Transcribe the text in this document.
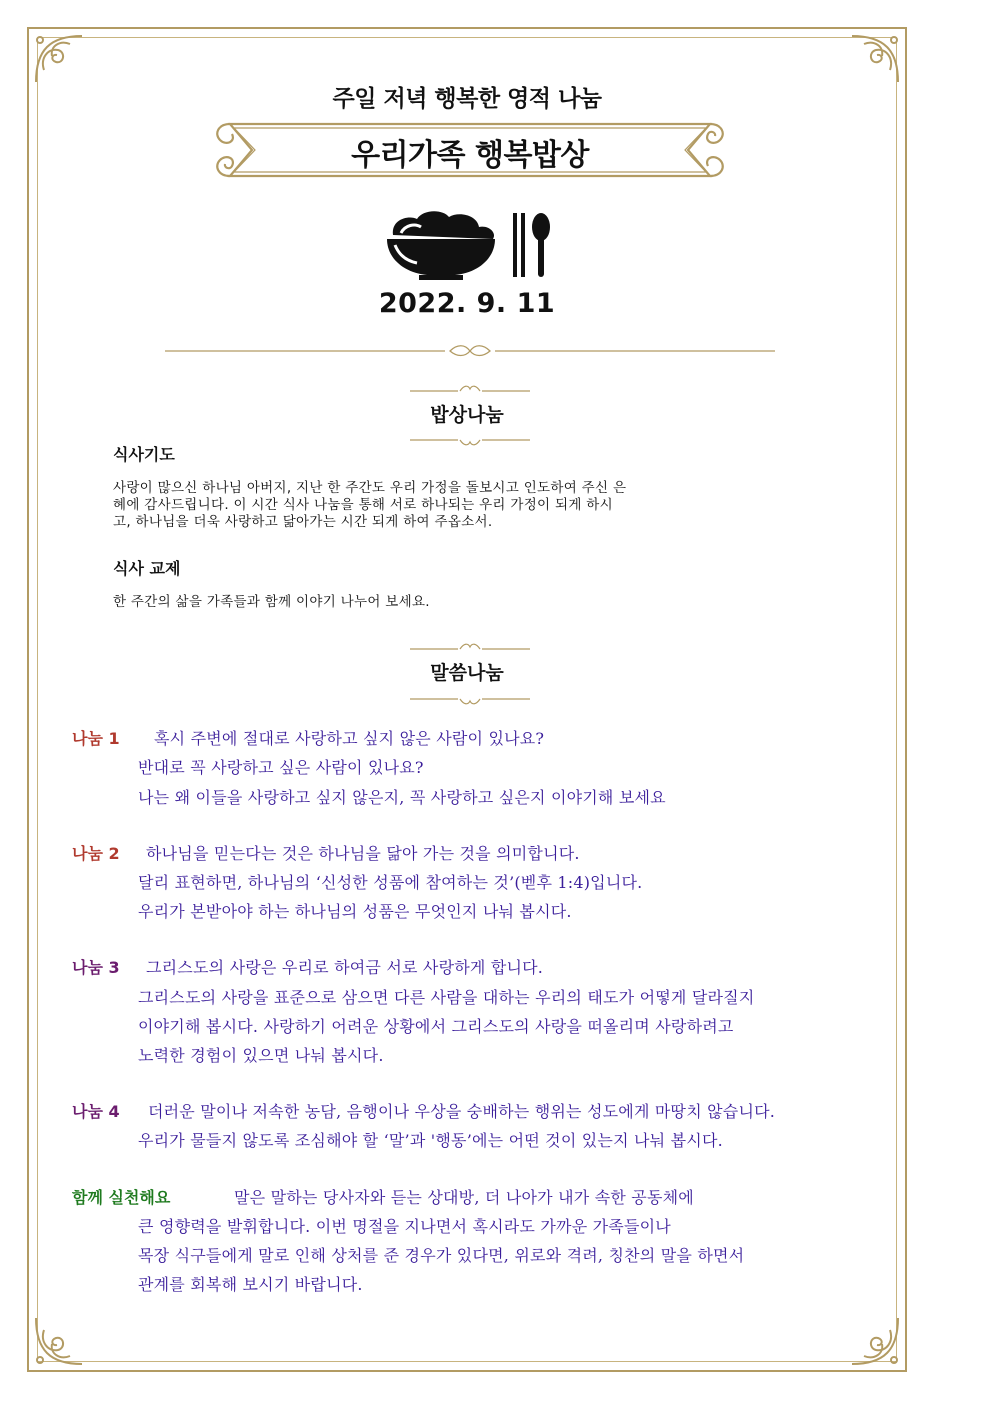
주일 저녁 행복한 영적 나눔
우리가족 행복밥상
2022. 9. 11
밥상나눔
식사기도
사랑이 많으신 하나님 아버지, 지난 한 주간도 우리 가정을 돌보시고 인도하여 주신 은
혜에 감사드립니다. 이 시간 식사 나눔을 통해 서로 하나되는 우리 가정이 되게 하시
고, 하나님을 더욱 사랑하고 닮아가는 시간 되게 하여 주옵소서.
식사 교제
한 주간의 삶을 가족들과 함께 이야기 나누어 보세요.
말씀나눔
나눔 1 혹시 주변에 절대로 사랑하고 싶지 않은 사람이 있나요?
반대로 꼭 사랑하고 싶은 사람이 있나요?
나는 왜 이들을 사랑하고 싶지 않은지, 꼭 사랑하고 싶은지 이야기해 보세요
나눔 2 하나님을 믿는다는 것은 하나님을 닮아 가는 것을 의미합니다.
달리 표현하면, 하나님의 ‘신성한 성품에 참여하는 것’(벧후 1:4)입니다.
우리가 본받아야 하는 하나님의 성품은 무엇인지 나눠 봅시다.
나눔 3 그리스도의 사랑은 우리로 하여금 서로 사랑하게 합니다.
그리스도의 사랑을 표준으로 삼으면 다른 사람을 대하는 우리의 태도가 어떻게 달라질지
이야기해 봅시다. 사랑하기 어려운 상황에서 그리스도의 사랑을 떠올리며 사랑하려고
노력한 경험이 있으면 나눠 봅시다.
나눔 4 더러운 말이나 저속한 농담, 음행이나 우상을 숭배하는 행위는 성도에게 마땅치 않습니다.
우리가 물들지 않도록 조심해야 할 ‘말’과 '행동’에는 어떤 것이 있는지 나눠 봅시다.
함께 실천해요	말은 말하는 당사자와 듣는 상대방, 더 나아가 내가 속한 공동체에
큰 영향력을 발휘합니다. 이번 명절을 지나면서 혹시라도 가까운 가족들이나
목장 식구들에게 말로 인해 상처를 준 경우가 있다면, 위로와 격려, 칭찬의 말을 하면서
관계를 회복해 보시기 바랍니다.
